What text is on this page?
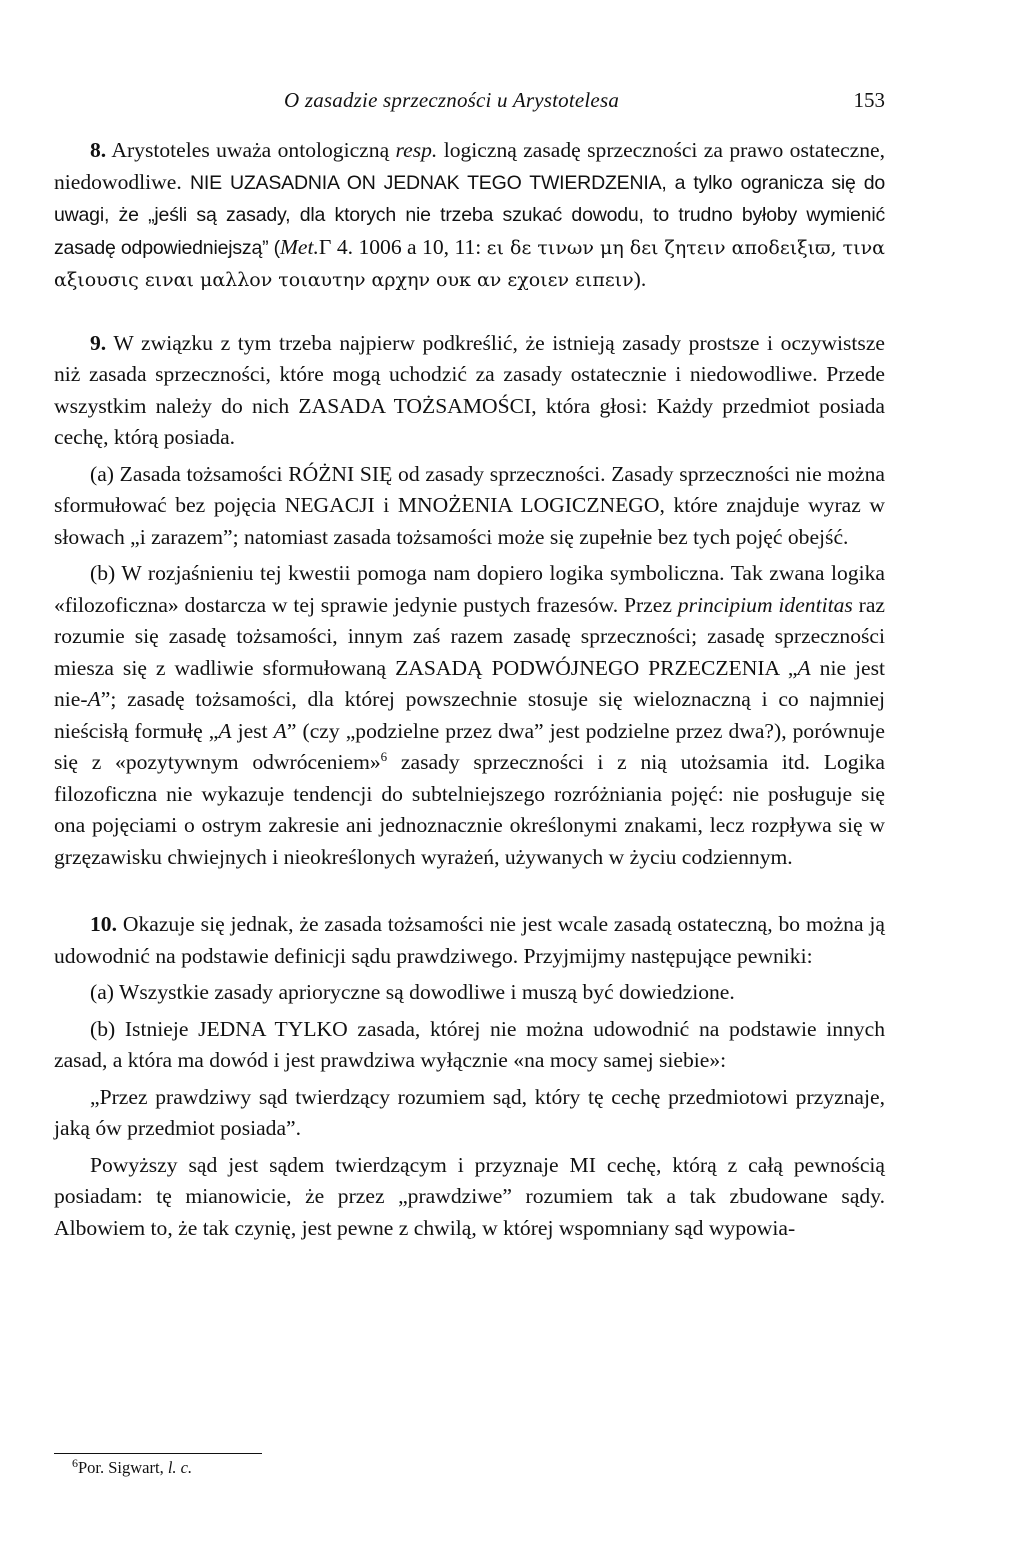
O zasadzie sprzeczności u Arystotelesa	153

8. Arystoteles uważa ontologiczną resp. logiczną zasadę sprzeczności za prawo ostateczne, niedowodliwe. NIE UZASADNIA ON JEDNAK TEGO TWIERDZENIA, a tylko ogranicza się do uwagi, że „jeśli są zasady, dla ktorych nie trzeba szukać dowodu, to trudno byłoby wymienić zasadę odpowiedniejszą” (Met.Γ 4. 1006 a 10, 11: ει δε τινων μη δει ζητειν αποδειξιϖ, τινα αξιουσις ειναι μαλλον τοιαυτην αρχην ουκ αν εχοιεν ειπειν).

9. W związku z tym trzeba najpierw podkreślić, że istnieją zasady prostsze i oczywistsze niż zasada sprzeczności, które mogą uchodzić za zasady ostatecznie i niedowodliwe. Przede wszystkim należy do nich ZASADA TOŻSAMOŚCI, która głosi: Każdy przedmiot posiada cechę, którą posiada.

(a) Zasada tożsamości RÓŻNI SIĘ od zasady sprzeczności. Zasady sprzeczności nie można sformułować bez pojęcia NEGACJI i MNOŻENIA LOGICZNEGO, które znajduje wyraz w słowach „i zarazem”; natomiast zasada tożsamości może się zupełnie bez tych pojęć obejść.

(b) W rozjaśnieniu tej kwestii pomoga nam dopiero logika symboliczna. Tak zwana logika «filozoficzna» dostarcza w tej sprawie jedynie pustych frazesów. Przez principium identitas raz rozumie się zasadę tożsamości, innym zaś razem zasadę sprzeczności; zasadę sprzeczności miesza się z wadliwie sformułowaną ZASADĄ PODWÓJNEGO PRZECZENIA „A nie jest nie-A”; zasadę tożsamości, dla której powszechnie stosuje się wieloznaczną i co najmniej nieścisłą formułę „A jest A” (czy „podzielne przez dwa” jest podzielne przez dwa?), porównuje się z «pozytywnym odwróceniem»$^6$ zasady sprzeczności i z nią utożsamia itd. Logika filozoficzna nie wykazuje tendencji do subtelniejszego rozróżniania pojęć: nie posługuje się ona pojęciami o ostrym zakresie ani jednoznacznie określonymi znakami, lecz rozpływa się w grzęzawisku chwiejnych i nieokreślonych wyrażeń, używanych w życiu codziennym.

10. Okazuje się jednak, że zasada tożsamości nie jest wcale zasadą ostateczną, bo można ją udowodnić na podstawie definicji sądu prawdziwego. Przyjmijmy następujące pewniki:

(a) Wszystkie zasady aprioryczne są dowodliwe i muszą być dowiedzione.

(b) Istnieje JEDNA TYLKO zasada, której nie można udowodnić na podstawie innych zasad, a która ma dowód i jest prawdziwa wyłącznie «na mocy samej siebie»:

„Przez prawdziwy sąd twierdzący rozumiem sąd, który tę cechę przedmiotowi przyznaje, jaką ów przedmiot posiada”.

Powyższy sąd jest sądem twierdzącym i przyznaje MI cechę, którą z całą pewnością posiadam: tę mianowicie, że przez „prawdziwe” rozumiem tak a tak zbudowane sądy. Albowiem to, że tak czynię, jest pewne z chwilą, w której wspomniany sąd wypowia-

$^6$Por. Sigwart, l. c.
